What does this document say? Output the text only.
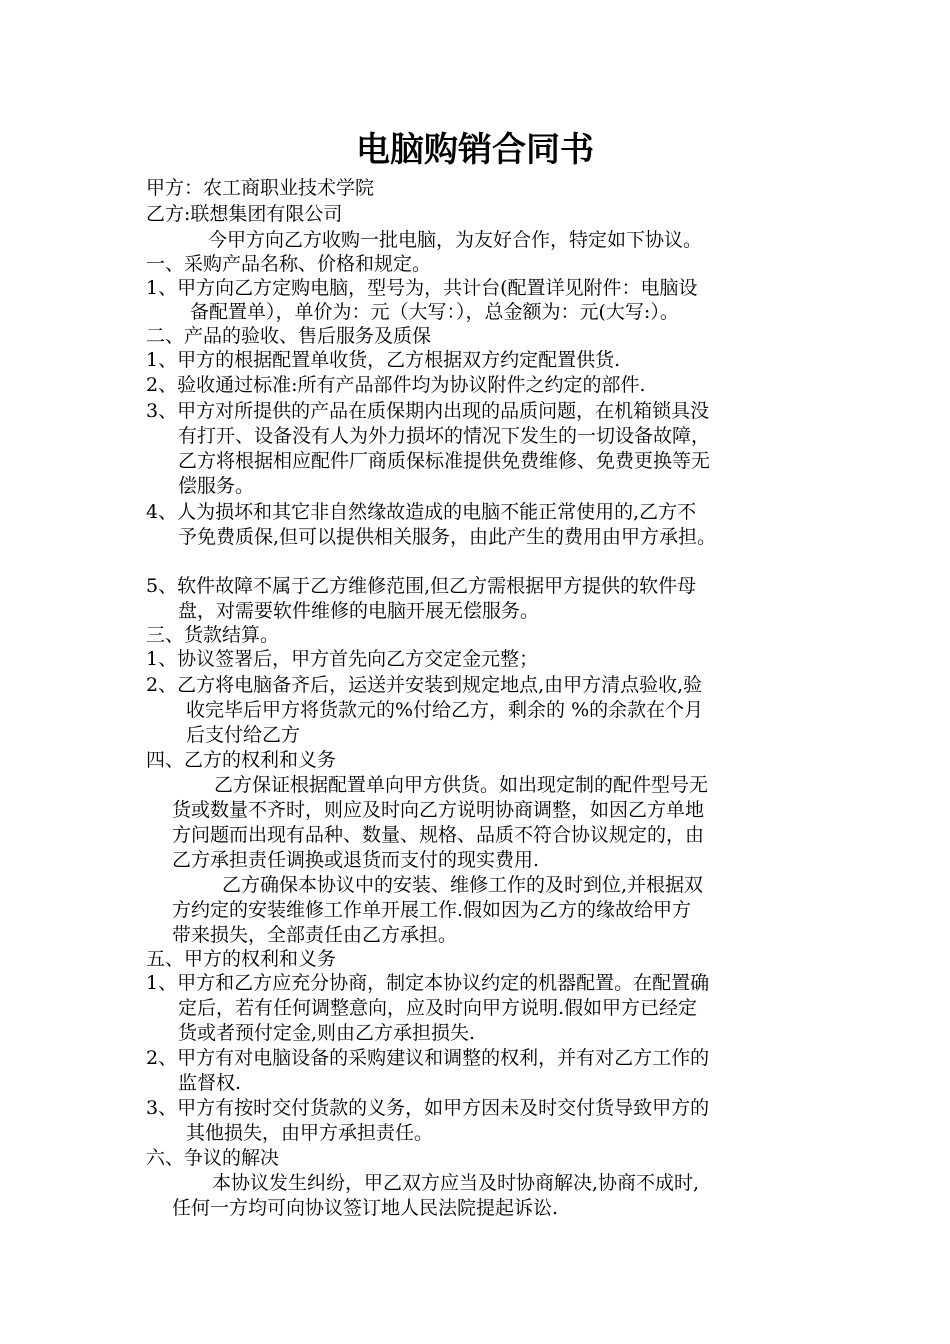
电脑购销合同书
甲方：农工商职业技术学院
乙方:联想集团有限公司
今甲方向乙方收购一批电脑，为友好合作，特定如下协议。
一、采购产品名称、价格和规定。
1、甲方向乙方定购电脑，型号为，共计台(配置详见附件：电脑设
备配置单），单价为：元（大写：），总金额为：元(大写:）。
二、产品的验收、售后服务及质保
1、甲方的根据配置单收货，乙方根据双方约定配置供货.
2、验收通过标准:所有产品部件均为协议附件之约定的部件.
3、甲方对所提供的产品在质保期内出现的品质问题，在机箱锁具没
有打开、设备没有人为外力损坏的情况下发生的一切设备故障，
乙方将根据相应配件厂商质保标准提供免费维修、免费更换等无
偿服务。
4、人为损坏和其它非自然缘故造成的电脑不能正常使用的,乙方不
予免费质保,但可以提供相关服务，由此产生的费用由甲方承担。
5、软件故障不属于乙方维修范围,但乙方需根据甲方提供的软件母
盘，对需要软件维修的电脑开展无偿服务。
三、货款结算。
1、协议签署后，甲方首先向乙方交定金元整；
2、乙方将电脑备齐后，运送并安装到规定地点,由甲方清点验收,验
收完毕后甲方将货款元的%付给乙方，剩余的 %的余款在个月
后支付给乙方
四、乙方的权利和义务
乙方保证根据配置单向甲方供货。如出现定制的配件型号无
货或数量不齐时，则应及时向乙方说明协商调整，如因乙方单地
方问题而出现有品种、数量、规格、品质不符合协议规定的，由
乙方承担责任调换或退货而支付的现实费用.
乙方确保本协议中的安装、维修工作的及时到位,并根据双
方约定的安装维修工作单开展工作.假如因为乙方的缘故给甲方
带来损失，全部责任由乙方承担。
五、甲方的权利和义务
1、甲方和乙方应充分协商，制定本协议约定的机器配置。在配置确
定后，若有任何调整意向，应及时向甲方说明.假如甲方已经定
货或者预付定金,则由乙方承担损失.
2、甲方有对电脑设备的采购建议和调整的权利，并有对乙方工作的
监督权.
3、甲方有按时交付货款的义务，如甲方因未及时交付货导致甲方的
其他损失，由甲方承担责任。
六、争议的解决
本协议发生纠纷，甲乙双方应当及时协商解决,协商不成时,
任何一方均可向协议签订地人民法院提起诉讼.
